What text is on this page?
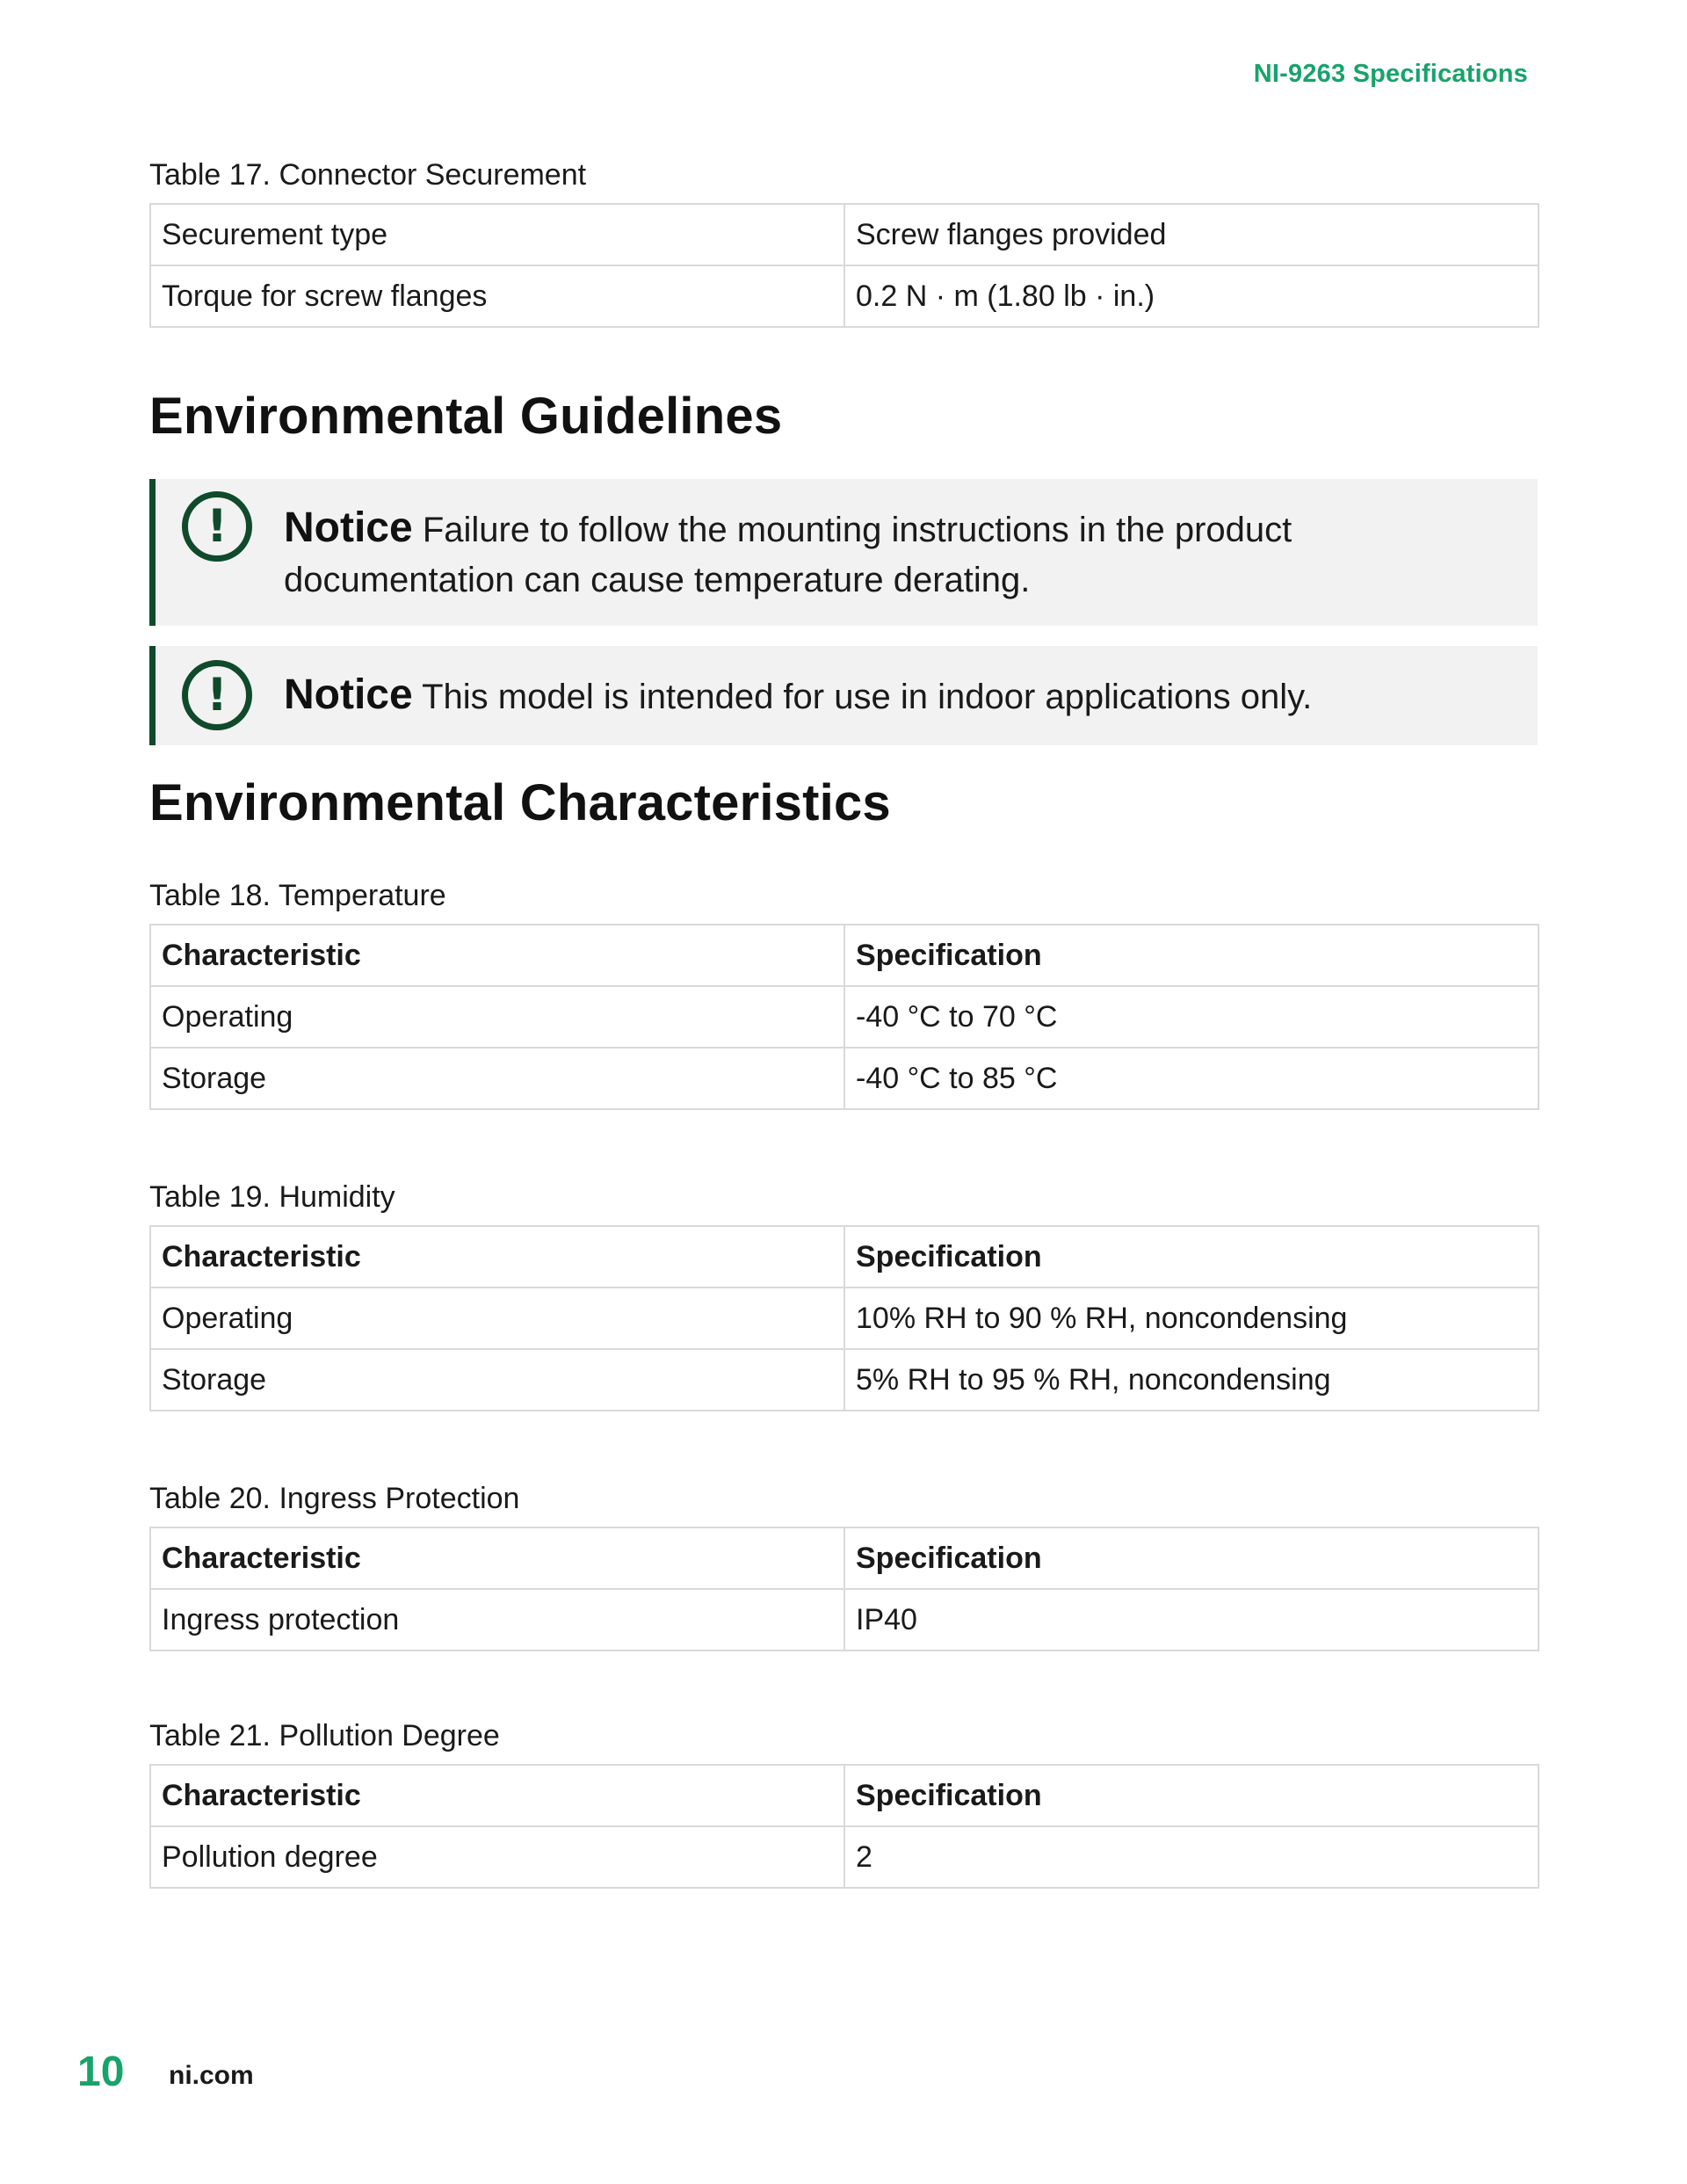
NI-9263 Specifications
Table 17. Connector Securement
Securement type	Screw flanges provided
Torque for screw flanges	0.2 N · m (1.80 lb · in.)
Environmental Guidelines
!	Notice Failure to follow the mounting instructions in the product documentation can cause temperature derating.
!	Notice This model is intended for use in indoor applications only.
Environmental Characteristics
Table 18. Temperature
Characteristic	Specification
Operating	-40 °C to 70 °C
Storage	-40 °C to 85 °C
Table 19. Humidity
Characteristic	Specification
Operating	10% RH to 90 % RH, noncondensing
Storage	5% RH to 95 % RH, noncondensing
Table 20. Ingress Protection
Characteristic	Specification
Ingress protection	IP40
Table 21. Pollution Degree
Characteristic	Specification
Pollution degree	2
10 ni.com
